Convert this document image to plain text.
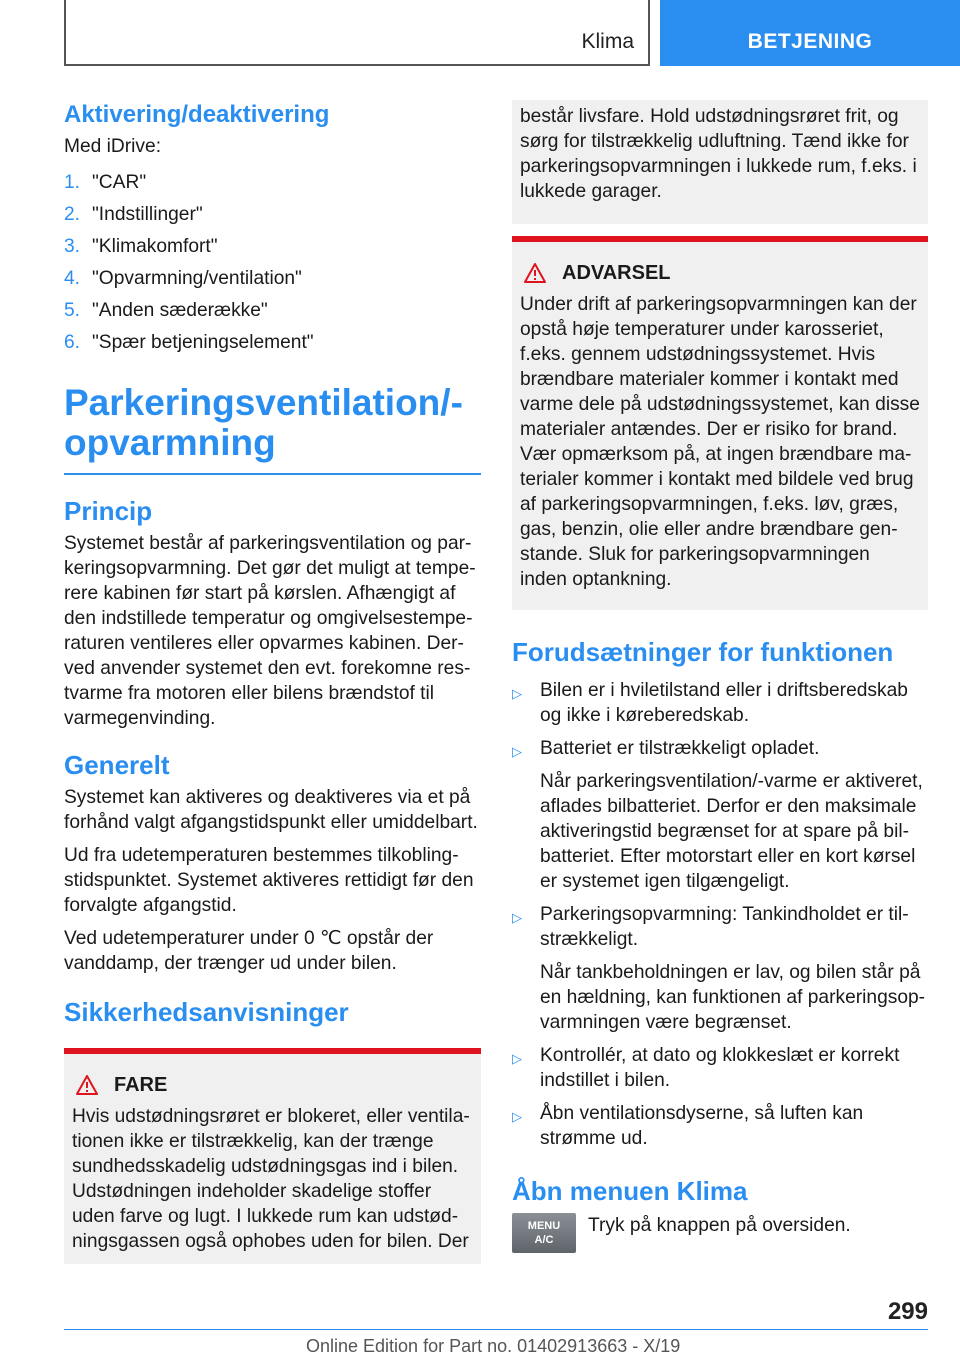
Klima	BETJENING
Aktivering/deaktivering

Med iDrive:

1. "CAR"
2. "Indstillinger"
3. "Klimakomfort"
4. "Opvarmning/ventilation"
5. "Anden sæderække"
6. "Spær betjeningselement"
Parkeringsventilation/-opvarmning
Princip

Systemet består af parkeringsventilation og par-keringsopvarmning. Det gør det muligt at tempe-rere kabinen før start på kørslen. Afhængigt af den indstillede temperatur og omgivelsestempe-raturen ventileres eller opvarmes kabinen. Der-ved anvender systemet den evt. forekomne res-tvarme fra motoren eller bilens brændstof til varmegenvinding.

Generelt

Systemet kan aktiveres og deaktiveres via et på forhånd valgt afgangstidspunkt eller umiddelbart.

Ud fra udetemperaturen bestemmes tilkobling-stidspunktet. Systemet aktiveres rettidigt før den forvalgte afgangstid.

Ved udetemperaturer under 0 ℃ opstår der vanddamp, der trænger ud under bilen.

Sikkerhedsanvisninger
FARE

Hvis udstødningsrøret er blokeret, eller ventila-tionen ikke er tilstrækkelig, kan der trænge sundhedsskadelig udstødningsgas ind i bilen. Udstødningen indeholder skadelige stoffer uden farve og lugt. I lukkede rum kan udstød-ningsgassen også ophobes uden for bilen. Der

består livsfare. Hold udstødningsrøret frit, og sørg for tilstrækkelig udluftning. Tænd ikke for parkeringsopvarmningen i lukkede rum, f.eks. i lukkede garager.

ADVARSEL

Under drift af parkeringsopvarmningen kan der opstå høje temperaturer under karosseriet, f.eks. gennem udstødningssystemet. Hvis brændbare materialer kommer i kontakt med varme dele på udstødningssystemet, kan disse materialer antændes. Der er risiko for brand. Vær opmærksom på, at ingen brændbare ma-terialer kommer i kontakt med bildele ved brug af parkeringsopvarmningen, f.eks. løv, græs, gas, benzin, olie eller andre brændbare gen-stande. Sluk for parkeringsopvarmningen inden optankning.

Forudsætninger for funktionen
▷ Bilen er i hviletilstand eller i driftsberedskab og ikke i køreberedskab.
▷ Batteriet er tilstrækkeligt opladet.
Når parkeringsventilation/-varme er aktiveret, aflades bilbatteriet. Derfor er den maksimale aktiveringstid begrænset for at spare på bil-batteriet. Efter motorstart eller en kort kørsel er systemet igen tilgængeligt.
▷ Parkeringsopvarmning: Tankindholdet er til-strækkeligt.
Når tankbeholdningen er lav, og bilen står på en hældning, kan funktionen af parkeringsop-varmningen være begrænset.
▷ Kontrollér, at dato og klokkeslæt er korrekt indstillet i bilen.
▷ Åbn ventilationsdyserne, så luften kan strømme ud.
Åbn menuen Klima
MENU
A/C

Tryk på knappen på oversiden.

299
Online Edition for Part no. 01402913663 - X/19
